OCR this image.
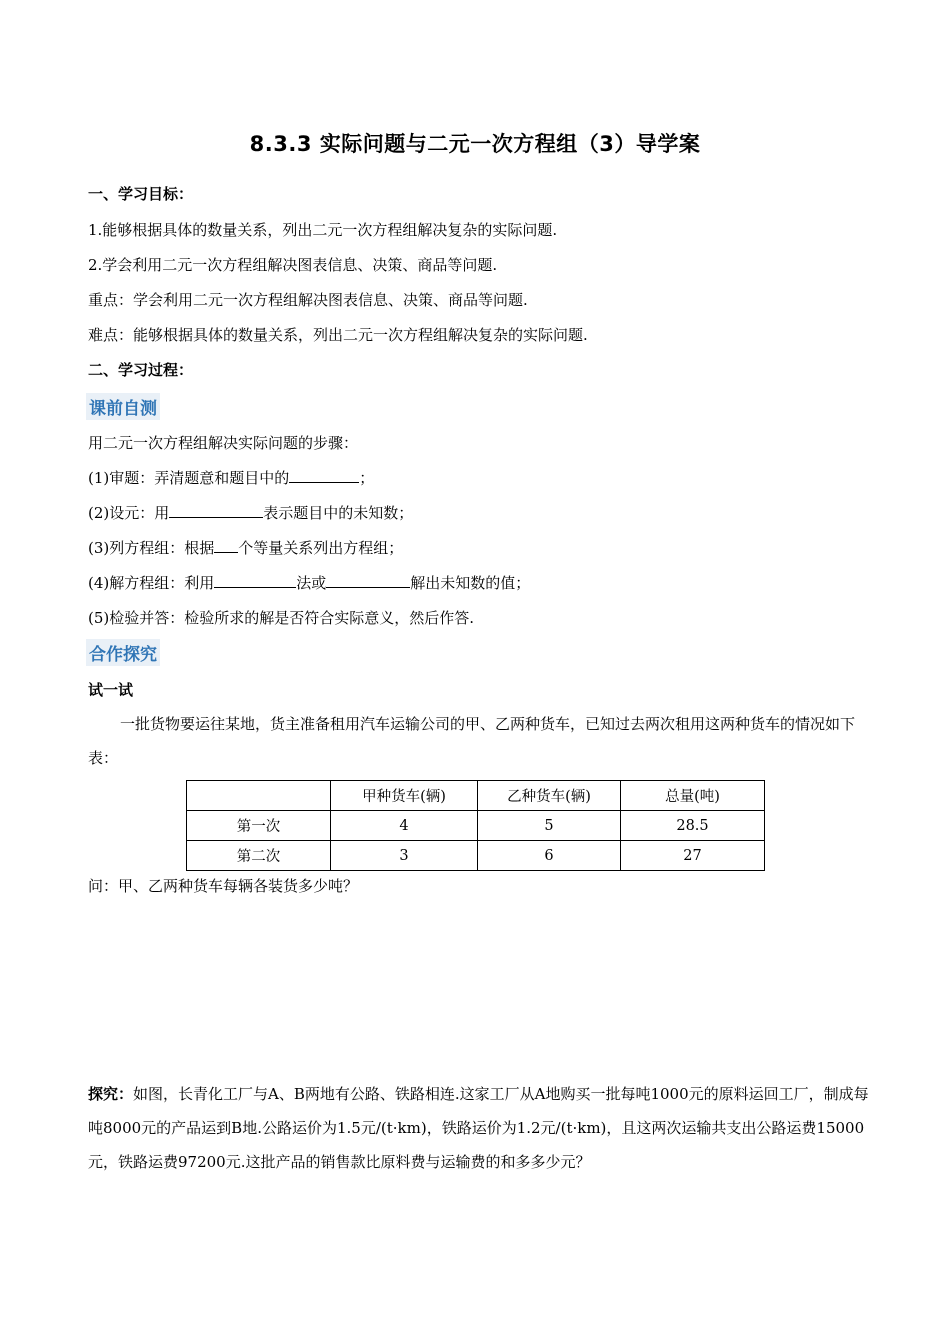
8.3.3 实际问题与二元一次方程组（3）导学案
一、学习目标：
1.能够根据具体的数量关系，列出二元一次方程组解决复杂的实际问题.
2.学会利用二元一次方程组解决图表信息、决策、商品等问题.
重点：学会利用二元一次方程组解决图表信息、决策、商品等问题.
难点：能够根据具体的数量关系，列出二元一次方程组解决复杂的实际问题.
二、学习过程：
课前自测
用二元一次方程组解决实际问题的步骤：
(1)审题：弄清题意和题目中的	；
(2)设元：用	表示题目中的未知数；
(3)列方程组：根据 个等量关系列出方程组；
(4)解方程组：利用	法或	解出未知数的值；
(5)检验并答：检验所求的解是否符合实际意义，然后作答.
合作探究
试一试
一批货物要运往某地，货主准备租用汽车运输公司的甲、乙两种货车，已知过去两次租用这两种货车的情况如下表：
	甲种货车(辆)	乙种货车(辆)	总量(吨)
第一次	4	5	28.5
第二次	3	6	27
问：甲、乙两种货车每辆各装货多少吨？
探究：如图，长青化工厂与A、B两地有公路、铁路相连.这家工厂从A地购买一批每吨1000元的原料运回工厂，制成每吨8000元的产品运到B地.公路运价为1.5元/(t·km)，铁路运价为1.2元/(t·km)，且这两次运输共支出公路运费15000元，铁路运费97200元.这批产品的销售款比原料费与运输费的和多多少元？
